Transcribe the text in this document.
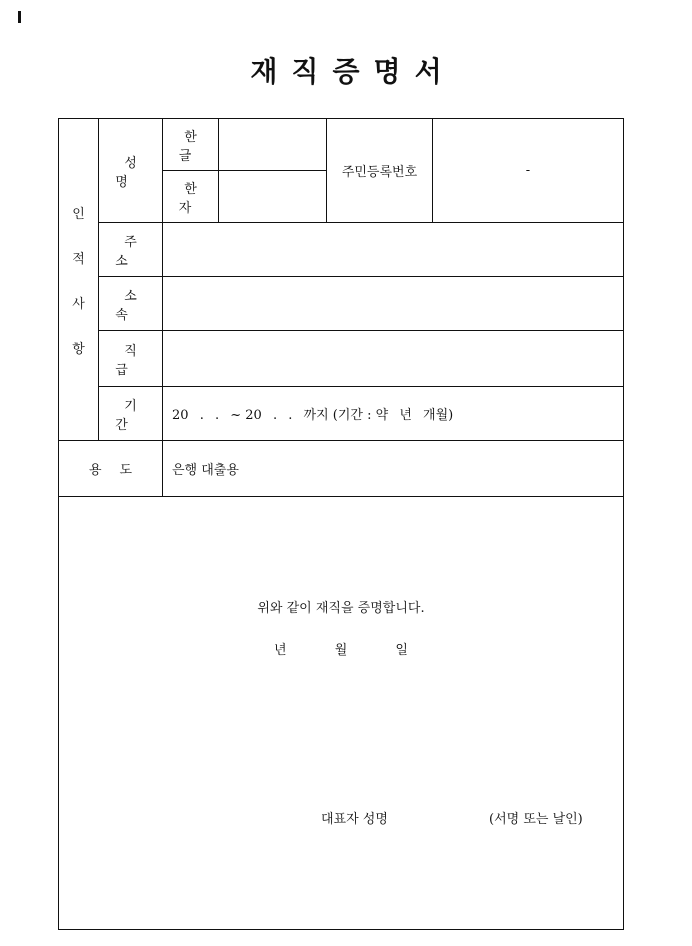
재직증명서
인
적
사
항	성명	한글		주민등록번호	-
		한자			
	주소				
	소속				
	직급				
	기간	20 . . ~ 20 . . 까지 (기간 : 약 년 개월)			
용도		은행 대출용			

위와 같이 재직을 증명합니다.
년 월 일
대표자 성명 (서명 또는 날인)					
